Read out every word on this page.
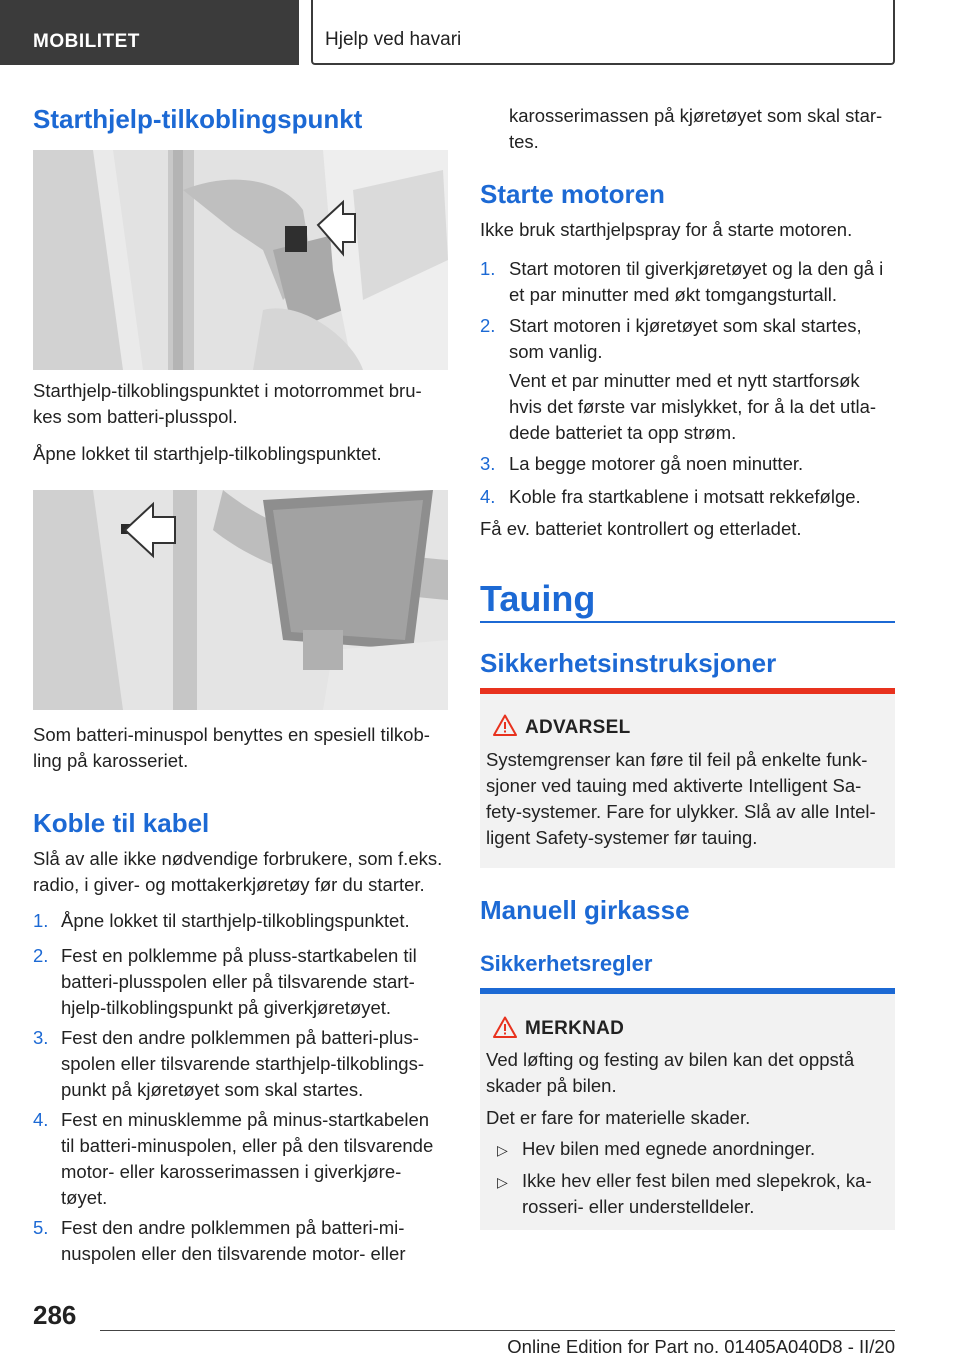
MOBILITET	Hjelp ved havari
Starthjelp-tilkoblingspunkt
Starthjelp-tilkoblingspunktet i motorrommet bru-
kes som batteri-plusspol.
Åpne lokket til starthjelp-tilkoblingspunktet.
Som batteri-minuspol benyttes en spesiell tilkob-
ling på karosseriet.
Koble til kabel
Slå av alle ikke nødvendige forbrukere, som f.eks.
radio, i giver- og mottakerkjøretøy før du starter.
1. Åpne lokket til starthjelp-tilkoblingspunktet.
2. Fest en polklemme på pluss-startkabelen til
batteri-plusspolen eller på tilsvarende start-
hjelp-tilkoblingspunkt på giverkjøretøyet.
3. Fest den andre polklemmen på batteri-plus-
spolen eller tilsvarende starthjelp-tilkoblings-
punkt på kjøretøyet som skal startes.
4. Fest en minusklemme på minus-startkabelen
til batteri-minuspolen, eller på den tilsvarende
motor- eller karosserimassen i giverkjøre-
tøyet.
5. Fest den andre polklemmen på batteri-mi-
nuspolen eller den tilsvarende motor- eller
karosserimassen på kjøretøyet som skal star-
tes.
Starte motoren
Ikke bruk starthjelpspray for å starte motoren.
1. Start motoren til giverkjøretøyet og la den gå i
et par minutter med økt tomgangsturtall.
2. Start motoren i kjøretøyet som skal startes,
som vanlig.
Vent et par minutter med et nytt startforsøk
hvis det første var mislykket, for å la det utla-
dede batteriet ta opp strøm.
3. La begge motorer gå noen minutter.
4. Koble fra startkablene i motsatt rekkefølge.
Få ev. batteriet kontrollert og etterladet.
Tauing
Sikkerhetsinstruksjoner
ADVARSEL
Systemgrenser kan føre til feil på enkelte funk-
sjoner ved tauing med aktiverte Intelligent Sa-
fety-systemer. Fare for ulykker. Slå av alle Intel-
ligent Safety-systemer før tauing.
Manuell girkasse
Sikkerhetsregler
MERKNAD
Ved løfting og festing av bilen kan det oppstå
skader på bilen.
Det er fare for materielle skader.
▷ Hev bilen med egnede anordninger.
▷ Ikke hev eller fest bilen med slepekrok, ka-
rosseri- eller understelldeler.
286
Online Edition for Part no. 01405A040D8 - II/20
